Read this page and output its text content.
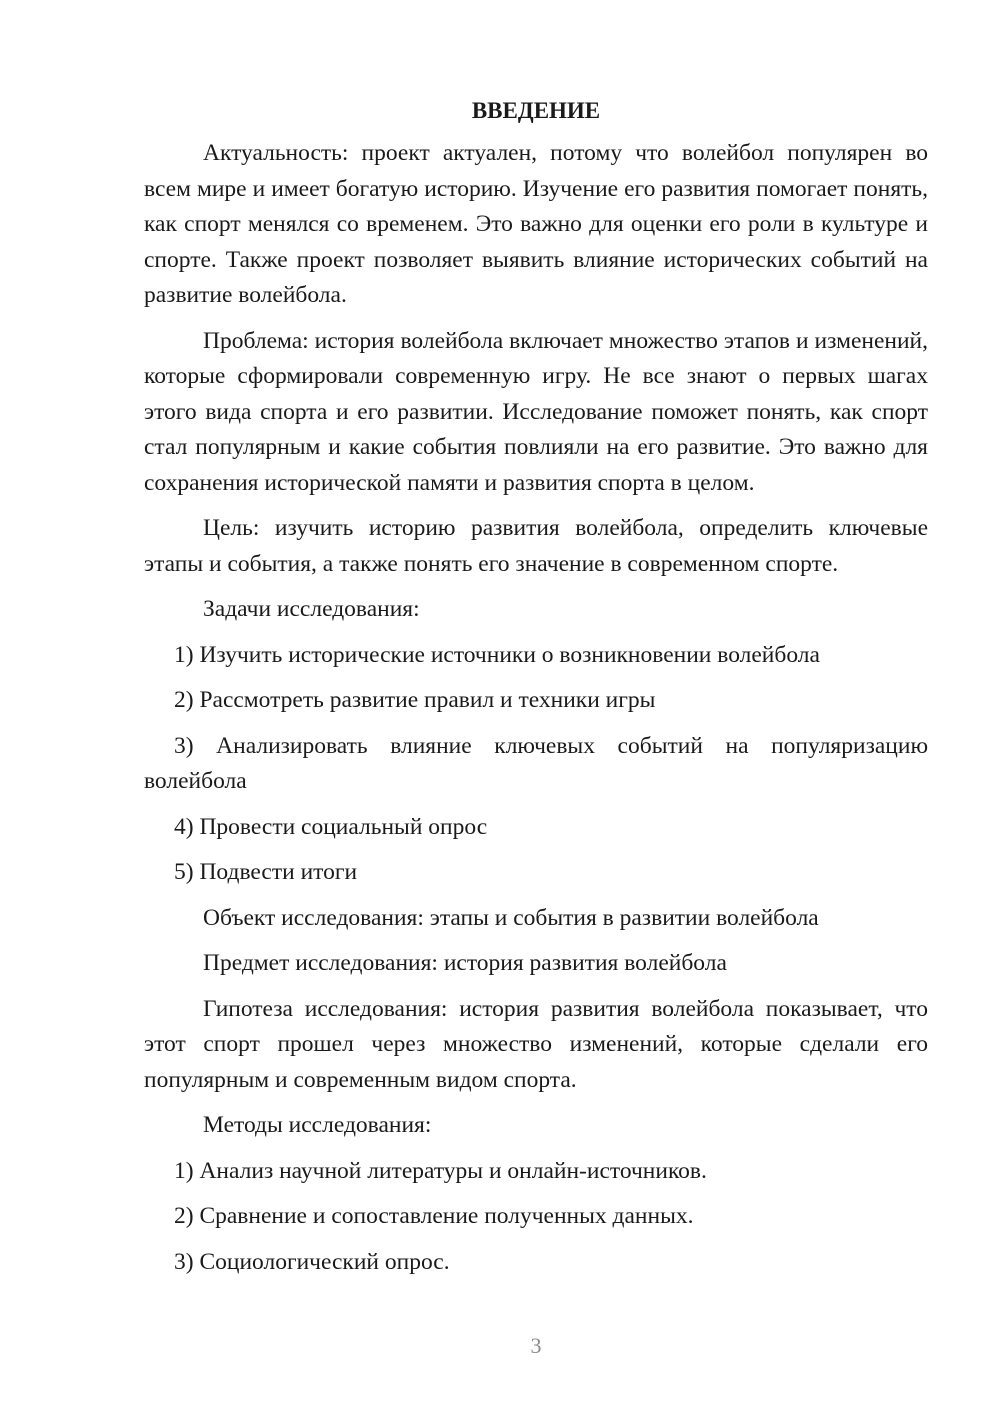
ВВЕДЕНИЕ

Актуальность: проект актуален, потому что волейбол популярен во всем мире и имеет богатую историю. Изучение его развития помогает понять, как спорт менялся со временем. Это важно для оценки его роли в культуре и спорте. Также проект позволяет выявить влияние исторических событий на развитие волейбола.

Проблема: история волейбола включает множество этапов и изменений, которые сформировали современную игру. Не все знают о первых шагах этого вида спорта и его развитии. Исследование поможет понять, как спорт стал популярным и какие события повлияли на его развитие. Это важно для сохранения исторической памяти и развития спорта в целом.

Цель: изучить историю развития волейбола, определить ключевые этапы и события, а также понять его значение в современном спорте.

Задачи исследования:

1) Изучить исторические источники о возникновении волейбола

2) Рассмотреть развитие правил и техники игры

3) Анализировать влияние ключевых событий на популяризацию волейбола

4) Провести социальный опрос

5) Подвести итоги

Объект исследования: этапы и события в развитии волейбола

Предмет исследования: история развития волейбола

Гипотеза исследования: история развития волейбола показывает, что этот спорт прошел через множество изменений, которые сделали его популярным и современным видом спорта.

Методы исследования:

1) Анализ научной литературы и онлайн-источников.

2) Сравнение и сопоставление полученных данных.

3) Социологический опрос.

3
